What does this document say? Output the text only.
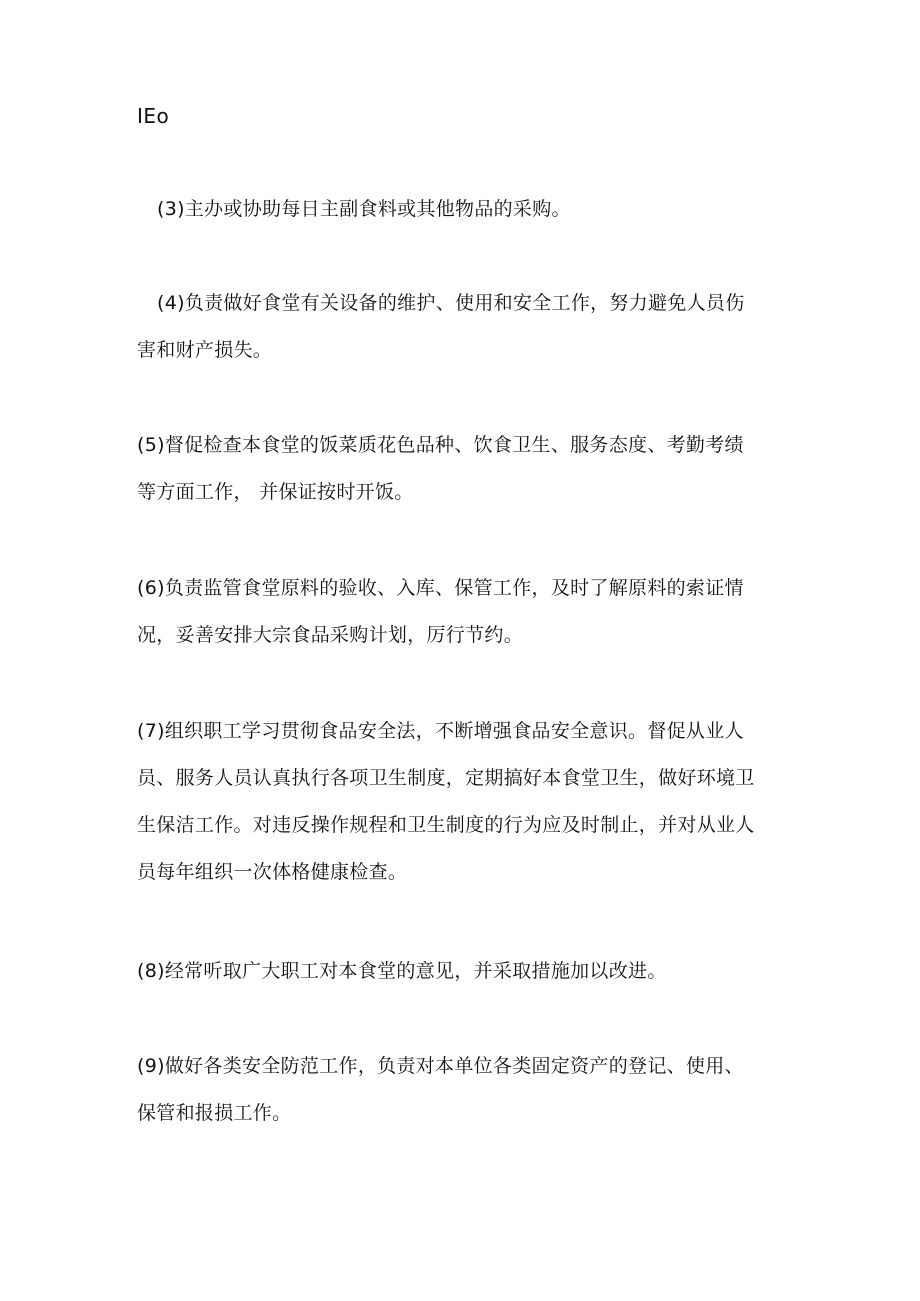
IEo

(3)主办或协助每日主副食料或其他物品的采购。

(4)负责做好食堂有关设备的维护、使用和安全工作，努力避免人员伤
害和财产损失。

(5)督促检查本食堂的饭菜质花色品种、饮食卫生、服务态度、考勤考绩
等方面工作， 并保证按时开饭。

(6)负责监管食堂原料的验收、入库、保管工作，及时了解原料的索证情
况，妥善安排大宗食品采购计划，厉行节约。

(7)组织职工学习贯彻食品安全法，不断增强食品安全意识。督促从业人
员、服务人员认真执行各项卫生制度，定期搞好本食堂卫生，做好环境卫
生保洁工作。对违反操作规程和卫生制度的行为应及时制止，并对从业人
员每年组织一次体格健康检查。

(8)经常听取广大职工对本食堂的意见，并采取措施加以改进。

(9)做好各类安全防范工作，负责对本单位各类固定资产的登记、使用、
保管和报损工作。
